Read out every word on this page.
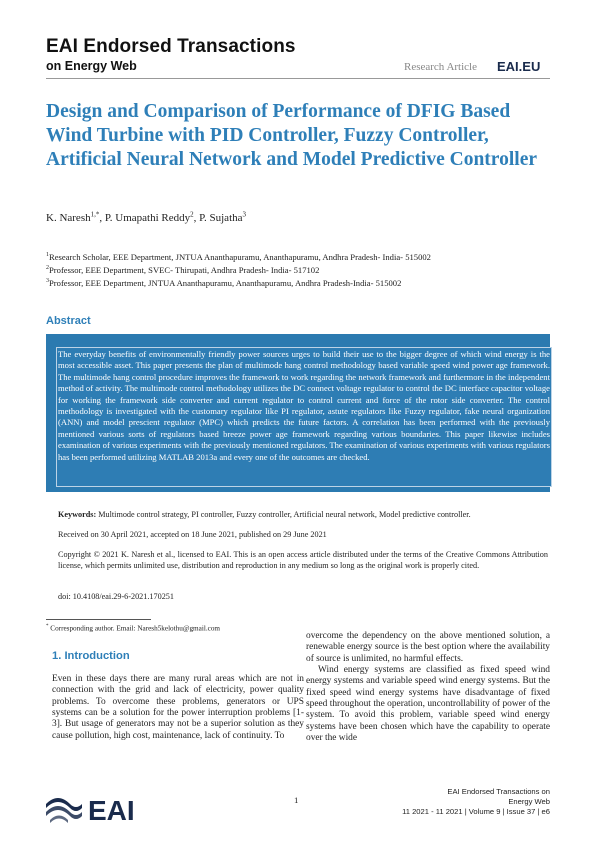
EAI Endorsed Transactions
on Energy Web	Research Article EAI.EU
Design and Comparison of Performance of DFIG Based Wind Turbine with PID Controller, Fuzzy Controller, Artificial Neural Network and Model Predictive Controller
K. Naresh$^{1,*}$, P. Umapathi Reddy$^2$, P. Sujatha$^3$
$^1$Research Scholar, EEE Department, JNTUA Ananthapuramu, Ananthapuramu, Andhra Pradesh- India- 515002
$^2$Professor, EEE Department, SVEC- Thirupati, Andhra Pradesh- India- 517102
$^3$Professor, EEE Department, JNTUA Ananthapuramu, Ananthapuramu, Andhra Pradesh-India- 515002
Abstract
The everyday benefits of environmentally friendly power sources urges to build their use to the bigger degree of which wind energy is the most accessible asset. This paper presents the plan of multimode hang control methodology based variable speed wind power age framework. The multimode hang control procedure improves the framework to work regarding the network framework and furthermore in the independent method of activity. The multimode control methodology utilizes the DC connect voltage regulator to control the DC interface capacitor voltage for working the framework side converter and current regulator to control current and force of the rotor side converter. The control methodology is investigated with the customary regulator like PI regulator, astute regulators like Fuzzy regulator, fake neural organization (ANN) and model prescient regulator (MPC) which predicts the future factors. A correlation has been performed with the previously mentioned various sorts of regulators based breeze power age framework regarding various boundaries. This paper likewise includes examination of various experiments with the previously mentioned regulators. The examination of various experiments with various regulators has been performed utilizing MATLAB 2013a and every one of the outcomes are checked.
Keywords: Multimode control strategy, PI controller, Fuzzy controller, Artificial neural network, Model predictive controller.
Received on 30 April 2021, accepted on 18 June 2021, published on 29 June 2021
Copyright © 2021 K. Naresh et al., licensed to EAI. This is an open access article distributed under the terms of the Creative Commons Attribution license, which permits unlimited use, distribution and reproduction in any medium so long as the original work is properly cited.
doi: 10.4108/eai.29-6-2021.170251
* Corresponding author. Email: Naresh5kelothu@gmail.com
1. Introduction

Even in these days there are many rural areas which are not in connection with the grid and lack of electricity, power quality problems. To overcome these problems, generators or UPS systems can be a solution for the power interruption problems [1-3]. But usage of generators may not be a superior solution as they cause pollution, high cost, maintenance, lack of continuity. To

overcome the dependency on the above mentioned solution, a renewable energy source is the best option where the availability of source is unlimited, no harmful effects.

Wind energy systems are classified as fixed speed wind energy systems and variable speed wind energy systems. But the fixed speed wind energy systems have disadvantage of fixed speed throughout the operation, uncontrollability of power of the system. To avoid this problem, variable speed wind energy systems have been chosen which have the capability to operate over the wide

EAI	1
EAI Endorsed Transactions on
Energy Web
11 2021 - 11 2021 | Volume 9 | Issue 37 | e6
